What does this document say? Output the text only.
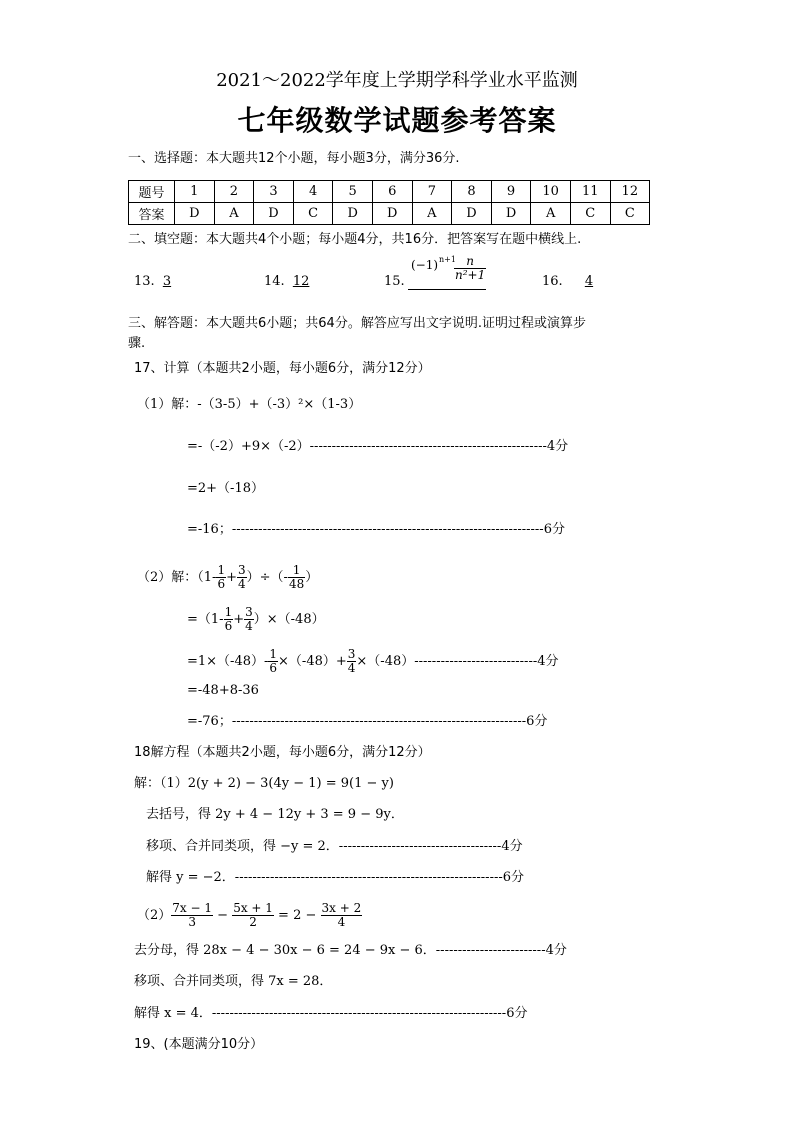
2021～2022学年度上学期学科学业水平监测
七年级数学试题参考答案
一、选择题：本大题共12个小题，每小题3分，满分36分.
题号	1	2	3	4	5	6	7	8	9	10	11	12
答案	D	A	D	C	D	D	A	D	D	A	C	C
二、填空题：本大题共4个小题；每小题4分，共16分．把答案写在题中横线上.
13. 3	14. 12	15.
(−1) n+1
$\frac{n}{\text{n²+1}}$	16. 4
三、解答题：本大题共6小题；共64分。解答应写出文字说明.证明过程或演算步
骤.
17、计算（本题共2小题，每小题6分，满分12分）
（1）解：-（3-5）+（-3）²×（1-3）
=-（-2）+9×（-2）------------------------------------------------------4分
=2+（-18）
=-16；-----------------------------------------------------------------------6分
（2）解：（$1- \frac{1}{6} + \frac{3}{4}$ ）÷（- $\frac{1}{48}$ ）
$=(1- \frac{1}{6} + \frac{3}{4} )\times(-48)$
$=1\times(-48)- \frac{1}{6} \times(-48)+ \frac{3}{4} \times(-48)----------------------------4$分
=-48+8-36
=-76；-------------------------------------------------------------------6分
18解方程（本题共2小题，每小题6分，满分12分）
解：（1）2(y + 2) − 3(4y − 1) = 9(1 − y)
去括号，得 2y + 4 − 12y + 3 = 9 − 9y．
移项、合并同类项，得 −y = 2．-------------------------------------4分
解得 y = −2．-------------------------------------------------------------6分
$(2) \frac{7x - 1}{3} - \frac{5x + 1}{2} = 2 - \frac{3x + 2}{4}$
去分母，得 28x − 4 − 30x − 6 = 24 − 9x − 6．-------------------------4分
移项、合并同类项，得 7x = 28．
解得 x = 4．-------------------------------------------------------------------6分
19、(本题满分10分）
